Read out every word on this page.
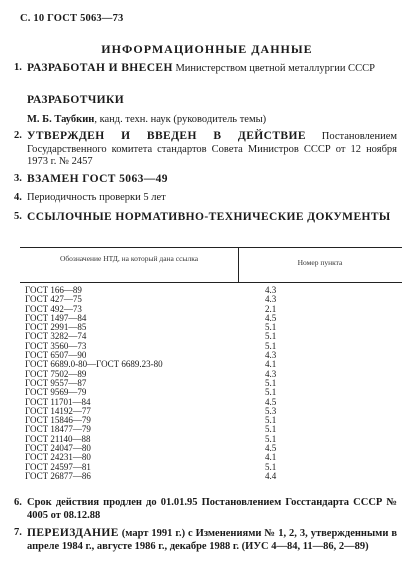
С. 10 ГОСТ 5063—73
ИНФОРМАЦИОННЫЕ ДАННЫЕ
1. РАЗРАБОТАН И ВНЕСЕН Министерством цветной металлургии СССР
РАЗРАБОТЧИКИ
М. Б. Таубкин, канд. техн. наук (руководитель темы)
2. УТВЕРЖДЕН И ВВЕДЕН В ДЕЙСТВИЕ Постановлением Государственного комитета стандартов Совета Министров СССР от 12 ноября 1973 г. № 2457
3. ВЗАМЕН ГОСТ 5063—49
4. Периодичность проверки 5 лет
5. ССЫЛОЧНЫЕ НОРМАТИВНО-ТЕХНИЧЕСКИЕ ДОКУМЕНТЫ
Обозначение НТД, на который дана ссылка	Номер пункта
ГОСТ 166—89	4.3
ГОСТ 427—75	4.3
ГОСТ 492—73	2.1
ГОСТ 1497—84	4.5
ГОСТ 2991—85	5.1
ГОСТ 3282—74	5.1
ГОСТ 3560—73	5.1
ГОСТ 6507—90	4.3
ГОСТ 6689.0-80—ГОСТ 6689.23-80	4.1
ГОСТ 7502—89	4.3
ГОСТ 9557—87	5.1
ГОСТ 9569—79	5.1
ГОСТ 11701—84	4.5
ГОСТ 14192—77	5.3
ГОСТ 15846—79	5.1
ГОСТ 18477—79	5.1
ГОСТ 21140—88	5.1
ГОСТ 24047—80	4.5
ГОСТ 24231—80	4.1
ГОСТ 24597—81	5.1
ГОСТ 26877—86	4.4
6. Срок действия продлен до 01.01.95 Постановлением Госстандарта СССР № 4005 от 08.12.88
7. ПЕРЕИЗДАНИЕ (март 1991 г.) с Изменениями № 1, 2, 3, утвержденными в апреле 1984 г., августе 1986 г., декабре 1988 г. (ИУС 4—84, 11—86, 2—89)
